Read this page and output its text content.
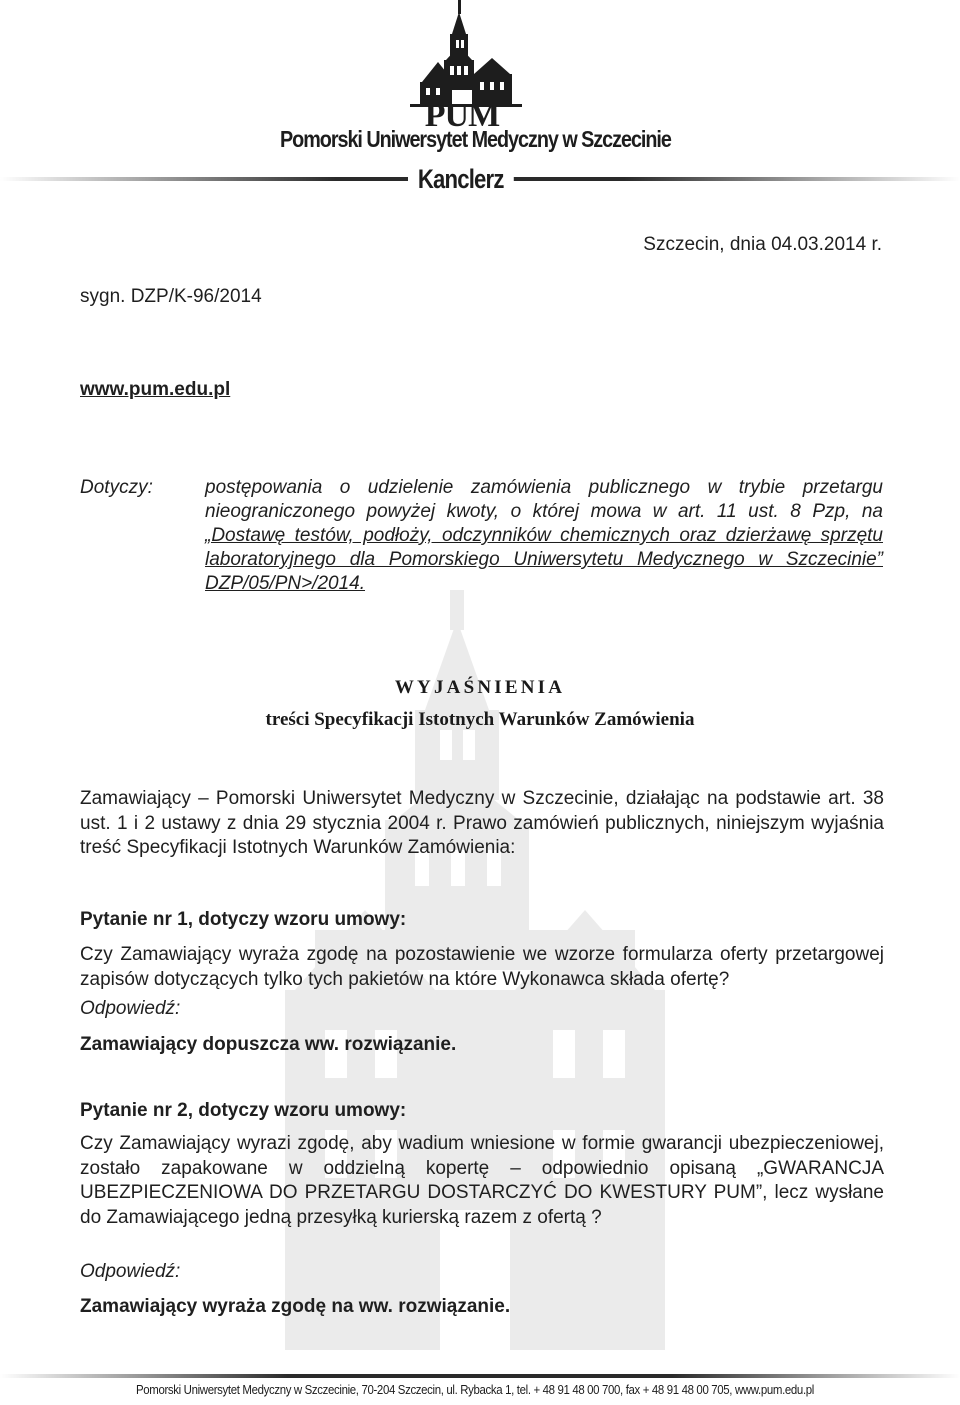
PUM
Pomorski Uniwersytet Medyczny w Szczecinie
Kanclerz
Szczecin, dnia 04.03.2014 r.
sygn. DZP/K-96/2014
www.pum.edu.pl
Dotyczy:	postępowania o udzielenie zamówienia publicznego w trybie przetargu nieograniczonego powyżej kwoty, o której mowa w art. 11 ust. 8 Pzp, na „Dostawę testów, podłoży, odczynników chemicznych oraz dzierżawę sprzętu laboratoryjnego dla Pomorskiego Uniwersytetu Medycznego w Szczecinie” DZP/05/PN>/2014.
WYJAŚNIENIA
treści Specyfikacji Istotnych Warunków Zamówienia
Zamawiający – Pomorski Uniwersytet Medyczny w Szczecinie, działając na podstawie art. 38 ust. 1 i 2 ustawy z dnia 29 stycznia 2004 r. Prawo zamówień publicznych, niniejszym wyjaśnia treść Specyfikacji Istotnych Warunków Zamówienia:
Pytanie nr 1, dotyczy wzoru umowy:
Czy Zamawiający wyraża zgodę na pozostawienie we wzorze formularza oferty przetargowej zapisów dotyczących tylko tych pakietów na które Wykonawca składa ofertę?
Odpowiedź:
Zamawiający dopuszcza ww. rozwiązanie.
Pytanie nr 2, dotyczy wzoru umowy:
Czy Zamawiający wyrazi zgodę, aby wadium wniesione w formie gwarancji ubezpieczeniowej, zostało zapakowane w oddzielną kopertę – odpowiednio opisaną „GWARANCJA UBEZPIECZENIOWA DO PRZETARGU DOSTARCZYĆ DO KWESTURY PUM”, lecz wysłane do Zamawiającego jedną przesyłką kurierską razem z ofertą ?
Odpowiedź:
Zamawiający wyraża zgodę na ww. rozwiązanie.
Pomorski Uniwersytet Medyczny w Szczecinie, 70-204 Szczecin, ul. Rybacka 1, tel. + 48 91 48 00 700, fax + 48 91 48 00 705, www.pum.edu.pl
